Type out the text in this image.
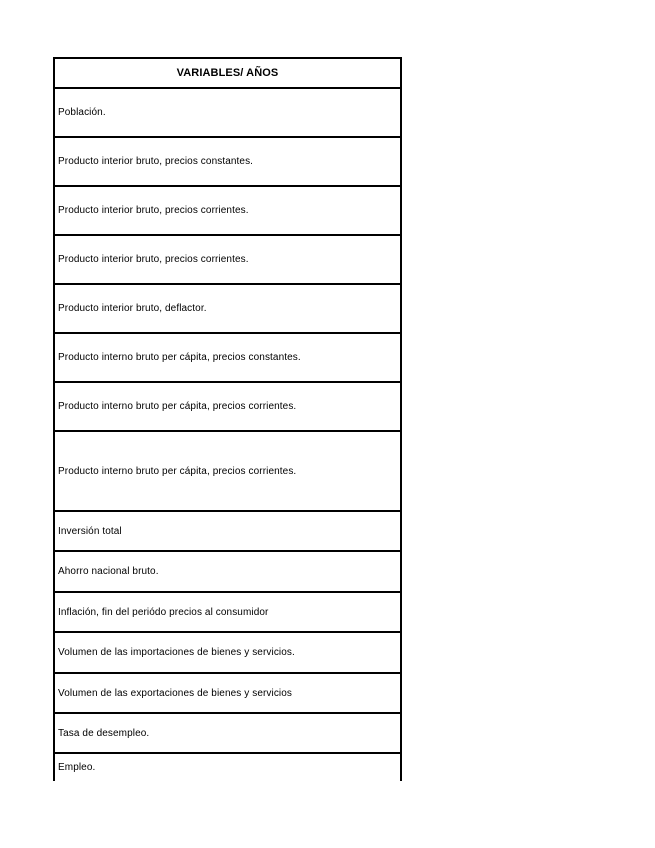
VARIABLES/ AÑOS
Población.
Producto interior bruto, precios constantes.
Producto interior bruto, precios corrientes.
Producto interior bruto, precios corrientes.
Producto interior bruto, deflactor.
Producto interno bruto per cápita, precios constantes.
Producto interno bruto per cápita, precios corrientes.
Producto interno bruto per cápita, precios corrientes.
Inversión total
Ahorro nacional bruto.
Inflación, fin del periódo precios al consumidor
Volumen de las importaciones de bienes y servicios.
Volumen de las exportaciones de bienes y servicios
Tasa de desempleo.
Empleo.
